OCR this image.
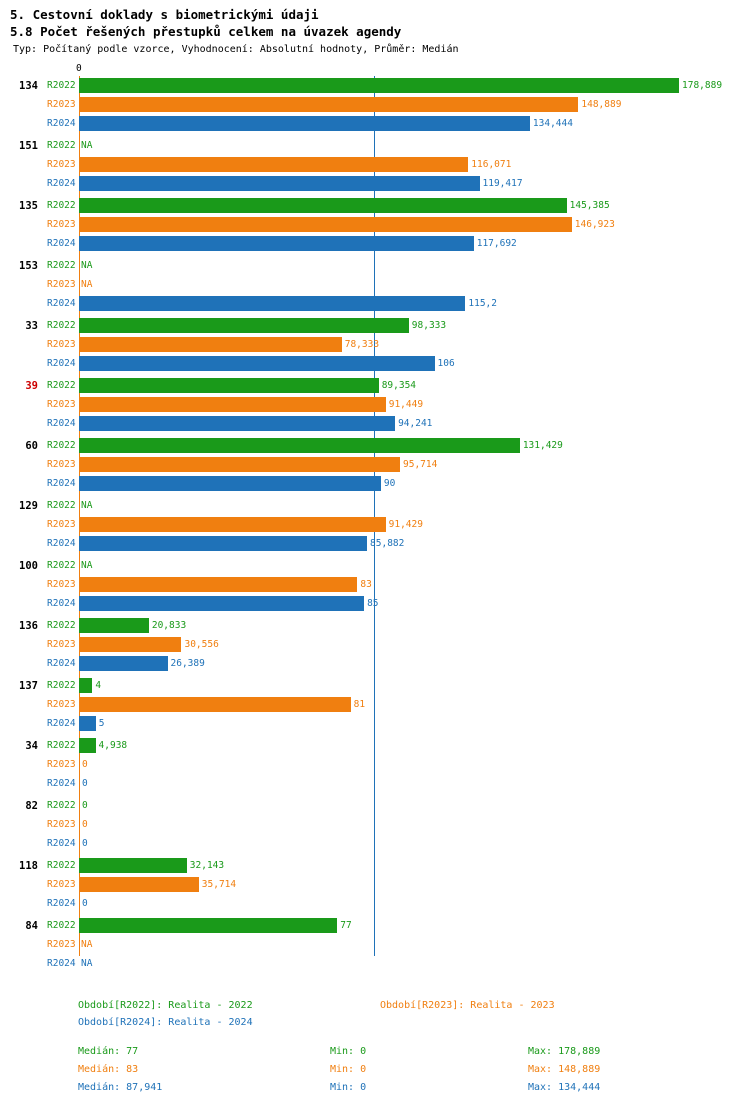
5. Cestovní doklady s biometrickými údaji
5.8 Počet řešených přestupků celkem na úvazek agendy
Typ: Počítaný podle vzorce, Vyhodnocení: Absolutní hodnoty, Průměr: Medián
0
134 R2022	178,889
R2023	148,889
R2024	134,444
151 R2022 NA
R2023	116,071
R2024	119,417
135 R2022	145,385
R2023	146,923
R2024	117,692
153 R2022 NA
R2023 NA
R2024	115,2
33 R2022	98,333
R2023	78,333
R2024	106
39 R2022	89,354
R2023	91,449
R2024	94,241
60 R2022	131,429
R2023	95,714
R2024	90
129 R2022 NA
R2023	91,429
R2024	85,882
100 R2022 NA
R2023	83
R2024	85
136 R2022	20,833
R2023	30,556
R2024	26,389
137 R2022 4
R2023	81
R2024 5
34 R2022 4,938
R2023 0
R2024 0
82 R2022 0
R2023 0
R2024 0
118 R2022	32,143
R2023	35,714
R2024 0
84 R2022	77
R2023 NA
R2024 NA
Období[R2022]: Realita - 2022	Období[R2023]: Realita - 2023
Období[R2024]: Realita - 2024
Medián: 77	Min: 0	Max: 178,889
Medián: 83	Min: 0	Max: 148,889
Medián: 87,941	Min: 0	Max: 134,444
